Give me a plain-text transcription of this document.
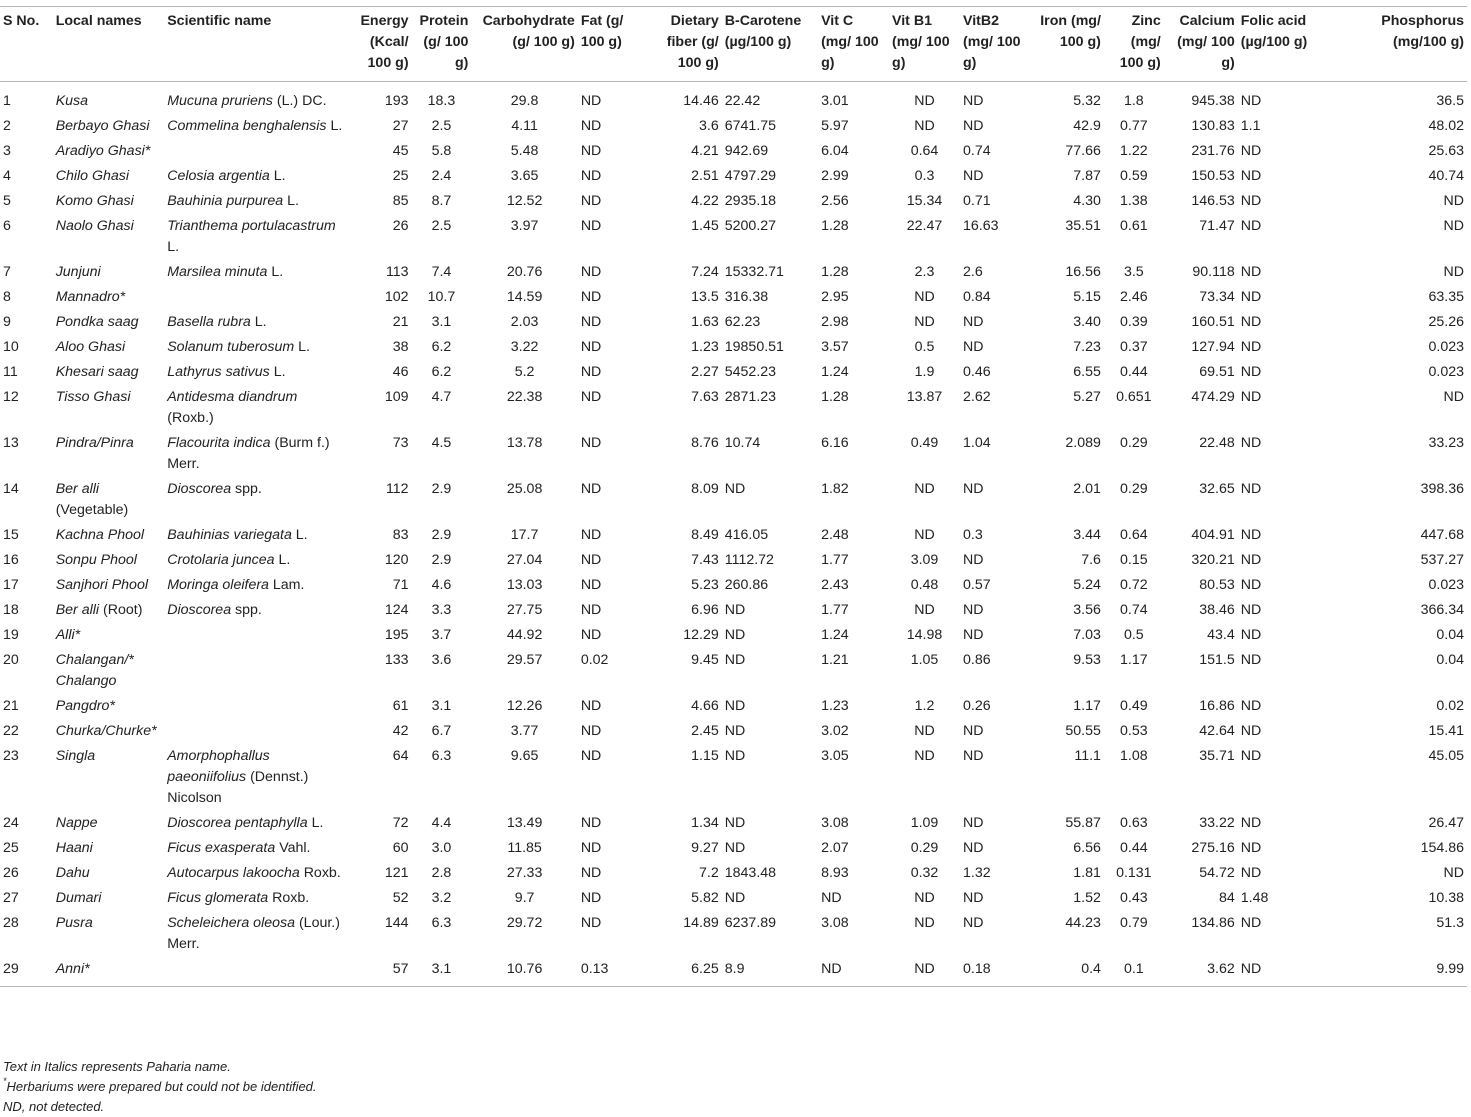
S No.	Local names	Scientific name	Energy (Kcal/ 100 g)	Protein (g/ 100 g)	Carbohydrate (g/ 100 g)	Fat (g/ 100 g)	Dietary fiber (g/ 100 g)	B-Carotene (µg/100 g)	Vit C (mg/ 100 g)	Vit B1 (mg/ 100 g)	VitB2 (mg/ 100 g)	Iron (mg/ 100 g)	Zinc (mg/ 100 g)	Calcium (mg/ 100 g)	Folic acid (µg/100 g)	Phosphorus (mg/100 g)
1	Kusa	Mucuna pruriens (L.) DC.	193	18.3	29.8	ND	14.46	22.42	3.01	ND	ND	5.32	1.8	945.38	ND	36.5
2	Berbayo Ghasi	Commelina benghalensis L.	27	2.5	4.11	ND	3.6	6741.75	5.97	ND	ND	42.9	0.77	130.83	1.1	48.02
3	Aradiyo Ghasi*		45	5.8	5.48	ND	4.21	942.69	6.04	0.64	0.74	77.66	1.22	231.76	ND	25.63
4	Chilo Ghasi	Celosia argentia L.	25	2.4	3.65	ND	2.51	4797.29	2.99	0.3	ND	7.87	0.59	150.53	ND	40.74
5	Komo Ghasi	Bauhinia purpurea L.	85	8.7	12.52	ND	4.22	2935.18	2.56	15.34	0.71	4.30	1.38	146.53	ND	ND
6	Naolo Ghasi	Trianthema portulacastrum L.	26	2.5	3.97	ND	1.45	5200.27	1.28	22.47	16.63	35.51	0.61	71.47	ND	ND
7	Junjuni	Marsilea minuta L.	113	7.4	20.76	ND	7.24	15332.71	1.28	2.3	2.6	16.56	3.5	90.118	ND	ND
8	Mannadro*		102	10.7	14.59	ND	13.5	316.38	2.95	ND	0.84	5.15	2.46	73.34	ND	63.35
9	Pondka saag	Basella rubra L.	21	3.1	2.03	ND	1.63	62.23	2.98	ND	ND	3.40	0.39	160.51	ND	25.26
10	Aloo Ghasi	Solanum tuberosum L.	38	6.2	3.22	ND	1.23	19850.51	3.57	0.5	ND	7.23	0.37	127.94	ND	0.023
11	Khesari saag	Lathyrus sativus L.	46	6.2	5.2	ND	2.27	5452.23	1.24	1.9	0.46	6.55	0.44	69.51	ND	0.023
12	Tisso Ghasi	Antidesma diandrum (Roxb.)	109	4.7	22.38	ND	7.63	2871.23	1.28	13.87	2.62	5.27	0.651	474.29	ND	ND
13	Pindra/Pinra	Flacourita indica (Burm f.) Merr.	73	4.5	13.78	ND	8.76	10.74	6.16	0.49	1.04	2.089	0.29	22.48	ND	33.23
14	Ber alli (Vegetable)	Dioscorea spp.	112	2.9	25.08	ND	8.09	ND	1.82	ND	ND	2.01	0.29	32.65	ND	398.36
15	Kachna Phool	Bauhinias variegata L.	83	2.9	17.7	ND	8.49	416.05	2.48	ND	0.3	3.44	0.64	404.91	ND	447.68
16	Sonpu Phool	Crotolaria juncea L.	120	2.9	27.04	ND	7.43	1112.72	1.77	3.09	ND	7.6	0.15	320.21	ND	537.27
17	Sanjhori Phool	Moringa oleifera Lam.	71	4.6	13.03	ND	5.23	260.86	2.43	0.48	0.57	5.24	0.72	80.53	ND	0.023
18	Ber alli (Root)	Dioscorea spp.	124	3.3	27.75	ND	6.96	ND	1.77	ND	ND	3.56	0.74	38.46	ND	366.34
19	Alli*		195	3.7	44.92	ND	12.29	ND	1.24	14.98	ND	7.03	0.5	43.4	ND	0.04
20	Chalangan/* Chalango		133	3.6	29.57	0.02	9.45	ND	1.21	1.05	0.86	9.53	1.17	151.5	ND	0.04
21	Pangdro*		61	3.1	12.26	ND	4.66	ND	1.23	1.2	0.26	1.17	0.49	16.86	ND	0.02
22	Churka/Churke*		42	6.7	3.77	ND	2.45	ND	3.02	ND	ND	50.55	0.53	42.64	ND	15.41
23	Singla	Amorphophallus paeoniifolius (Dennst.) Nicolson	64	6.3	9.65	ND	1.15	ND	3.05	ND	ND	11.1	1.08	35.71	ND	45.05
24	Nappe	Dioscorea pentaphylla L.	72	4.4	13.49	ND	1.34	ND	3.08	1.09	ND	55.87	0.63	33.22	ND	26.47
25	Haani	Ficus exasperata Vahl.	60	3.0	11.85	ND	9.27	ND	2.07	0.29	ND	6.56	0.44	275.16	ND	154.86
26	Dahu	Autocarpus lakoocha Roxb.	121	2.8	27.33	ND	7.2	1843.48	8.93	0.32	1.32	1.81	0.131	54.72	ND	ND
27	Dumari	Ficus glomerata Roxb.	52	3.2	9.7	ND	5.82	ND	ND	ND	ND	1.52	0.43	84	1.48	10.38
28	Pusra	Scheleichera oleosa (Lour.) Merr.	144	6.3	29.72	ND	14.89	6237.89	3.08	ND	ND	44.23	0.79	134.86	ND	51.3
29	Anni*		57	3.1	10.76	0.13	6.25	8.9	ND	ND	0.18	0.4	0.1	3.62	ND	9.99
Text in Italics represents Paharia name.
*Herbariums were prepared but could not be identified.
ND, not detected.
